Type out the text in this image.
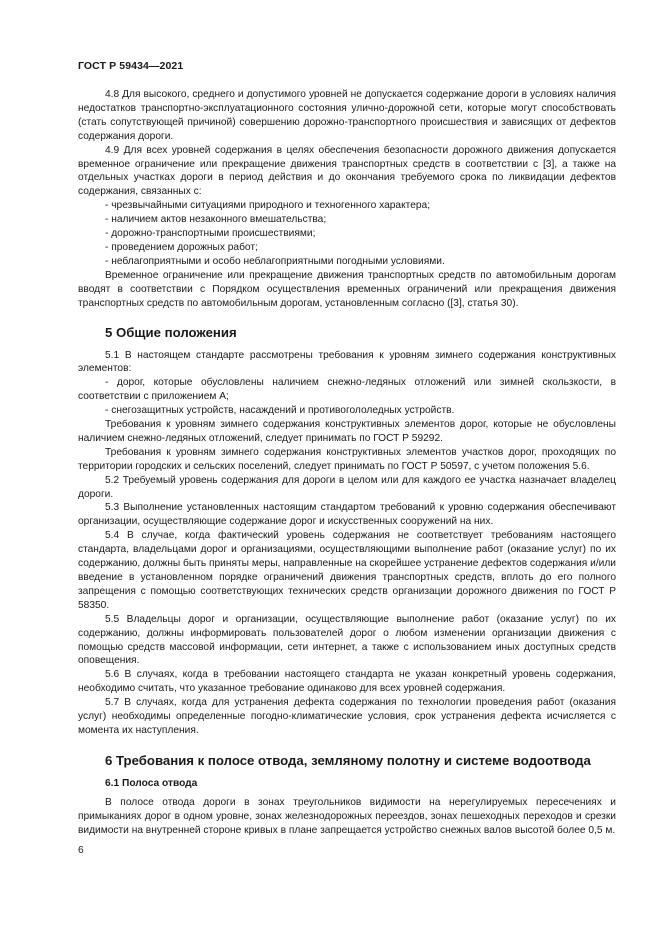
ГОСТ Р 59434—2021

4.8 Для высокого, среднего и допустимого уровней не допускается содержание дороги в условиях наличия недостатков транспортно-эксплуатационного состояния улично-дорожной сети, которые могут способствовать (стать сопутствующей причиной) совершению дорожно-транспортного происшествия и зависящих от дефектов содержания дороги.

4.9 Для всех уровней содержания в целях обеспечения безопасности дорожного движения допускается временное ограничение или прекращение движения транспортных средств в соответствии с [3], а также на отдельных участках дороги в период действия и до окончания требуемого срока по ликвидации дефектов содержания, связанных с:

- чрезвычайными ситуациями природного и техногенного характера;

- наличием актов незаконного вмешательства;

- дорожно-транспортными происшествиями;

- проведением дорожных работ;

- неблагоприятными и особо неблагоприятными погодными условиями.

Временное ограничение или прекращение движения транспортных средств по автомобильным дорогам вводят в соответствии с Порядком осуществления временных ограничений или прекращения движения транспортных средств по автомобильным дорогам, установленным согласно ([3], статья 30).

5 Общие положения

5.1 В настоящем стандарте рассмотрены требования к уровням зимнего содержания конструктивных элементов:

- дорог, которые обусловлены наличием снежно-ледяных отложений или зимней скользкости, в соответствии с приложением А;

- снегозащитных устройств, насаждений и противогололедных устройств.

Требования к уровням зимнего содержания конструктивных элементов дорог, которые не обусловлены наличием снежно-ледяных отложений, следует принимать по ГОСТ Р 59292.

Требования к уровням зимнего содержания конструктивных элементов участков дорог, проходящих по территории городских и сельских поселений, следует принимать по ГОСТ Р 50597, с учетом положения 5.6.

5.2 Требуемый уровень содержания для дороги в целом или для каждого ее участка назначает владелец дороги.

5.3 Выполнение установленных настоящим стандартом требований к уровню содержания обеспечивают организации, осуществляющие содержание дорог и искусственных сооружений на них.

5.4 В случае, когда фактический уровень содержания не соответствует требованиям настоящего стандарта, владельцами дорог и организациями, осуществляющими выполнение работ (оказание услуг) по их содержанию, должны быть приняты меры, направленные на скорейшее устранение дефектов содержания и/или введение в установленном порядке ограничений движения транспортных средств, вплоть до его полного запрещения с помощью соответствующих технических средств организации дорожного движения по ГОСТ Р 58350.

5.5 Владельцы дорог и организации, осуществляющие выполнение работ (оказание услуг) по их содержанию, должны информировать пользователей дорог о любом изменении организации движения с помощью средств массовой информации, сети интернет, а также с использованием иных доступных средств оповещения.

5.6 В случаях, когда в требовании настоящего стандарта не указан конкретный уровень содержания, необходимо считать, что указанное требование одинаково для всех уровней содержания.

5.7 В случаях, когда для устранения дефекта содержания по технологии проведения работ (оказания услуг) необходимы определенные погодно-климатические условия, срок устранения дефекта исчисляется с момента их наступления.

6 Требования к полосе отвода, земляному полотну и системе водоотвода

6.1 Полоса отвода

В полосе отвода дороги в зонах треугольников видимости на нерегулируемых пересечениях и примыканиях дорог в одном уровне, зонах железнодорожных переездов, зонах пешеходных переходов и срезки видимости на внутренней стороне кривых в плане запрещается устройство снежных валов высотой более 0,5 м.

6
